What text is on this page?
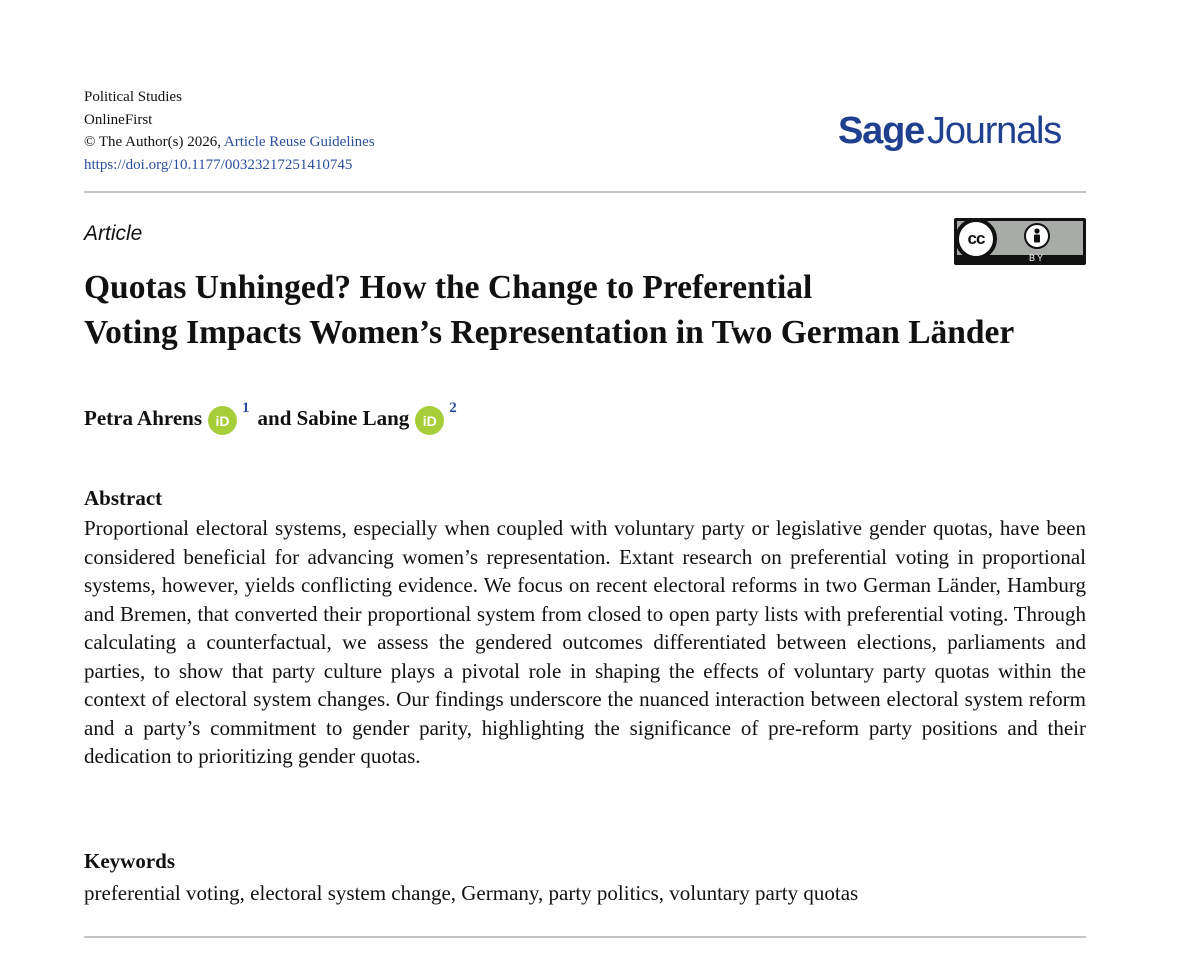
Political Studies
OnlineFirst
© The Author(s) 2026, Article Reuse Guidelines
https://doi.org/10.1177/00323217251410745
SageJournals
Article	cc
BY
Quotas Unhinged? How the Change to Preferential
Voting Impacts Women’s Representation in Two German Länder
Petra Ahrens iD
1 and
Sabine Lang iD
2
Abstract

Proportional electoral systems, especially when coupled with voluntary party or legislative gender quotas, have been considered beneficial for advancing women’s representation. Extant research on preferential voting in proportional systems, however, yields conflicting evidence. We focus on recent electoral reforms in two German Länder, Hamburg and Bremen, that converted their proportional system from closed to open party lists with preferential voting. Through calculating a counterfactual, we assess the gendered outcomes differentiated between elections, parliaments and parties, to show that party culture plays a pivotal role in shaping the effects of voluntary party quotas within the context of electoral system changes. Our findings underscore the nuanced interaction between electoral system reform and a party’s commitment to gender parity, highlighting the significance of pre-reform party positions and their dedication to prioritizing gender quotas.

Keywords

preferential voting, electoral system change, Germany, party politics, voluntary party quotas
